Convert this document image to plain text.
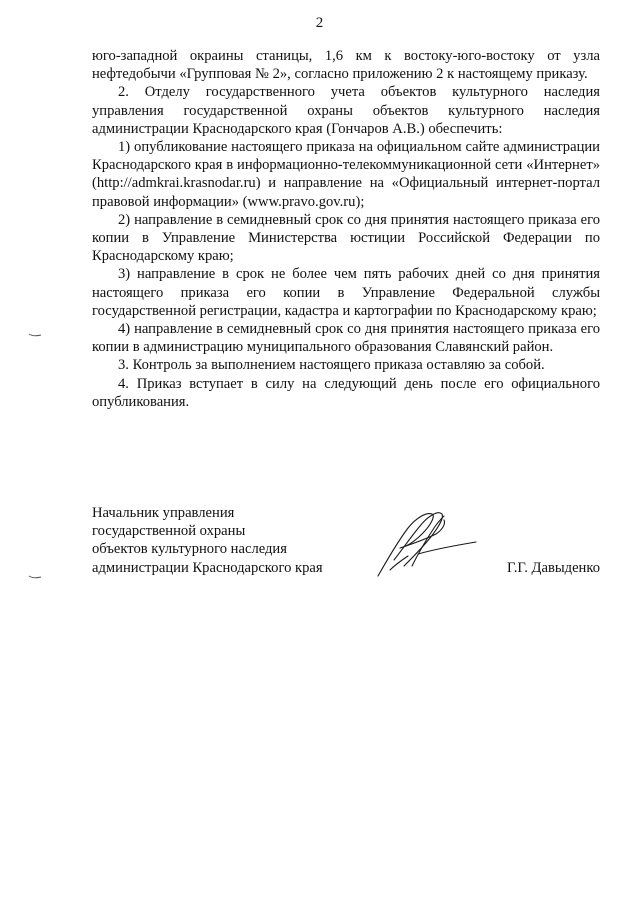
2

юго-западной окраины станицы, 1,6 км к востоку-юго-востоку от узла нефтедобычи «Групповая № 2», согласно приложению 2 к настоящему приказу.

2. Отделу государственного учета объектов культурного наследия управления государственной охраны объектов культурного наследия администрации Краснодарского края (Гончаров А.В.) обеспечить:

1) опубликование настоящего приказа на официальном сайте администрации Краснодарского края в информационно-телекоммуникационной сети «Интернет» (http://admkrai.krasnodar.ru) и направление на «Официальный интернет-портал правовой информации» (www.pravo.gov.ru);

2) направление в семидневный срок со дня принятия настоящего приказа его копии в Управление Министерства юстиции Российской Федерации по Краснодарскому краю;

3) направление в срок не более чем пять рабочих дней со дня принятия настоящего приказа его копии в Управление Федеральной службы государственной регистрации, кадастра и картографии по Краснодарскому краю;

4) направление в семидневный срок со дня принятия настоящего приказа его копии в администрацию муниципального образования Славянский район.

3. Контроль за выполнением настоящего приказа оставляю за собой.

4. Приказ вступает в силу на следующий день после его официального опубликования.

Начальник управления
государственной охраны
объектов культурного наследия
администрации Краснодарского края	Г.Г. Давыденко
